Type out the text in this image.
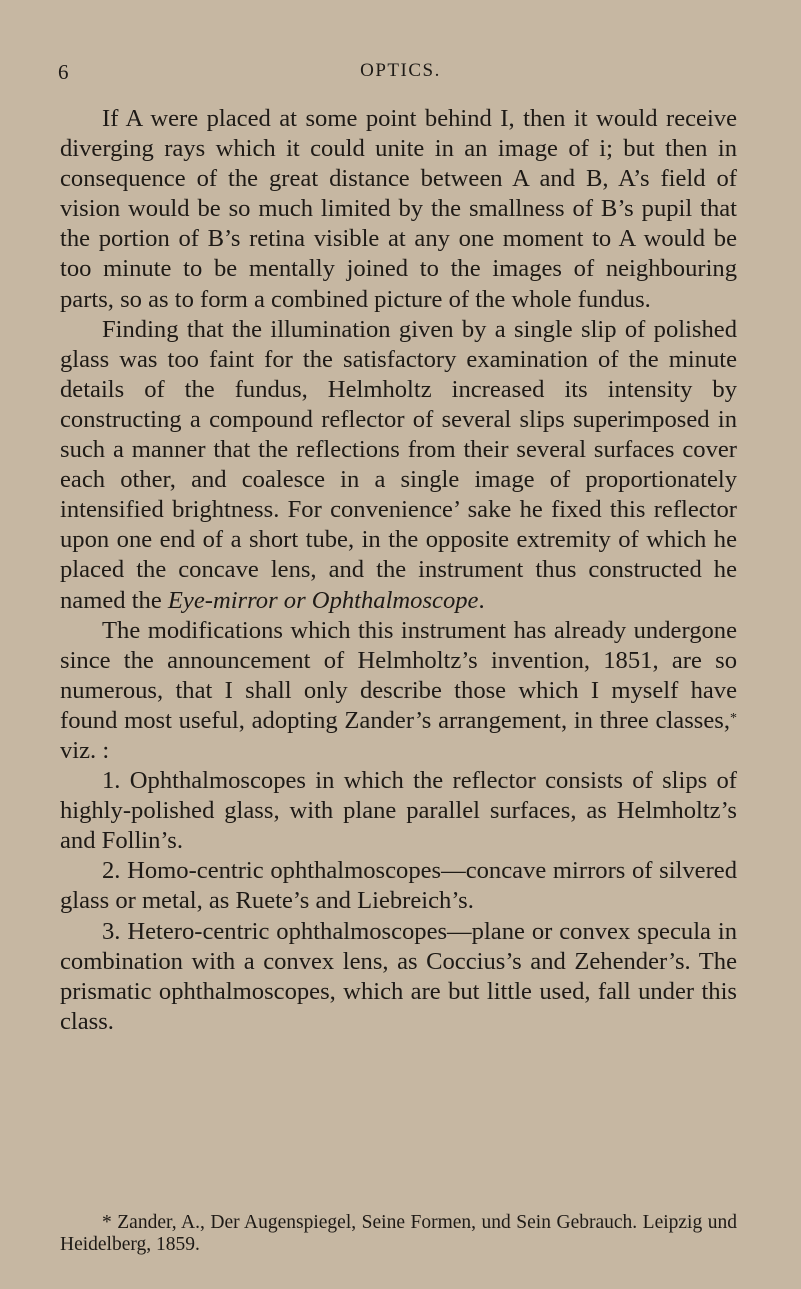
6	OPTICS.

If A were placed at some point behind I, then it would receive diverging rays which it could unite in an image of i; but then in consequence of the great distance between A and B, A’s field of vision would be so much limited by the smallness of B’s pupil that the portion of B’s retina visible at any one moment to A would be too minute to be mentally joined to the images of neighbouring parts, so as to form a combined picture of the whole fundus.

Finding that the illumination given by a single slip of polished glass was too faint for the satisfactory examination of the minute details of the fundus, Helmholtz increased its intensity by constructing a compound reflector of several slips superimposed in such a manner that the reflections from their several surfaces cover each other, and coalesce in a single image of proportionately intensified brightness. For convenience’ sake he fixed this reflector upon one end of a short tube, in the opposite extremity of which he placed the concave lens, and the instrument thus constructed he named the Eye-mirror or Ophthalmoscope.

The modifications which this instrument has already undergone since the announcement of Helmholtz’s invention, 1851, are so numerous, that I shall only describe those which I myself have found most useful, adopting Zander’s arrangement, in three classes,* viz. :

1. Ophthalmoscopes in which the reflector consists of slips of highly-polished glass, with plane parallel surfaces, as Helmholtz’s and Follin’s.

2. Homo-centric ophthalmoscopes—concave mirrors of silvered glass or metal, as Ruete’s and Liebreich’s.

3. Hetero-centric ophthalmoscopes—plane or convex specula in combination with a convex lens, as Coccius’s and Zehender’s. The prismatic ophthalmoscopes, which are but little used, fall under this class.

* Zander, A., Der Augenspiegel, Seine Formen, und Sein Gebrauch. Leipzig und Heidelberg, 1859.
